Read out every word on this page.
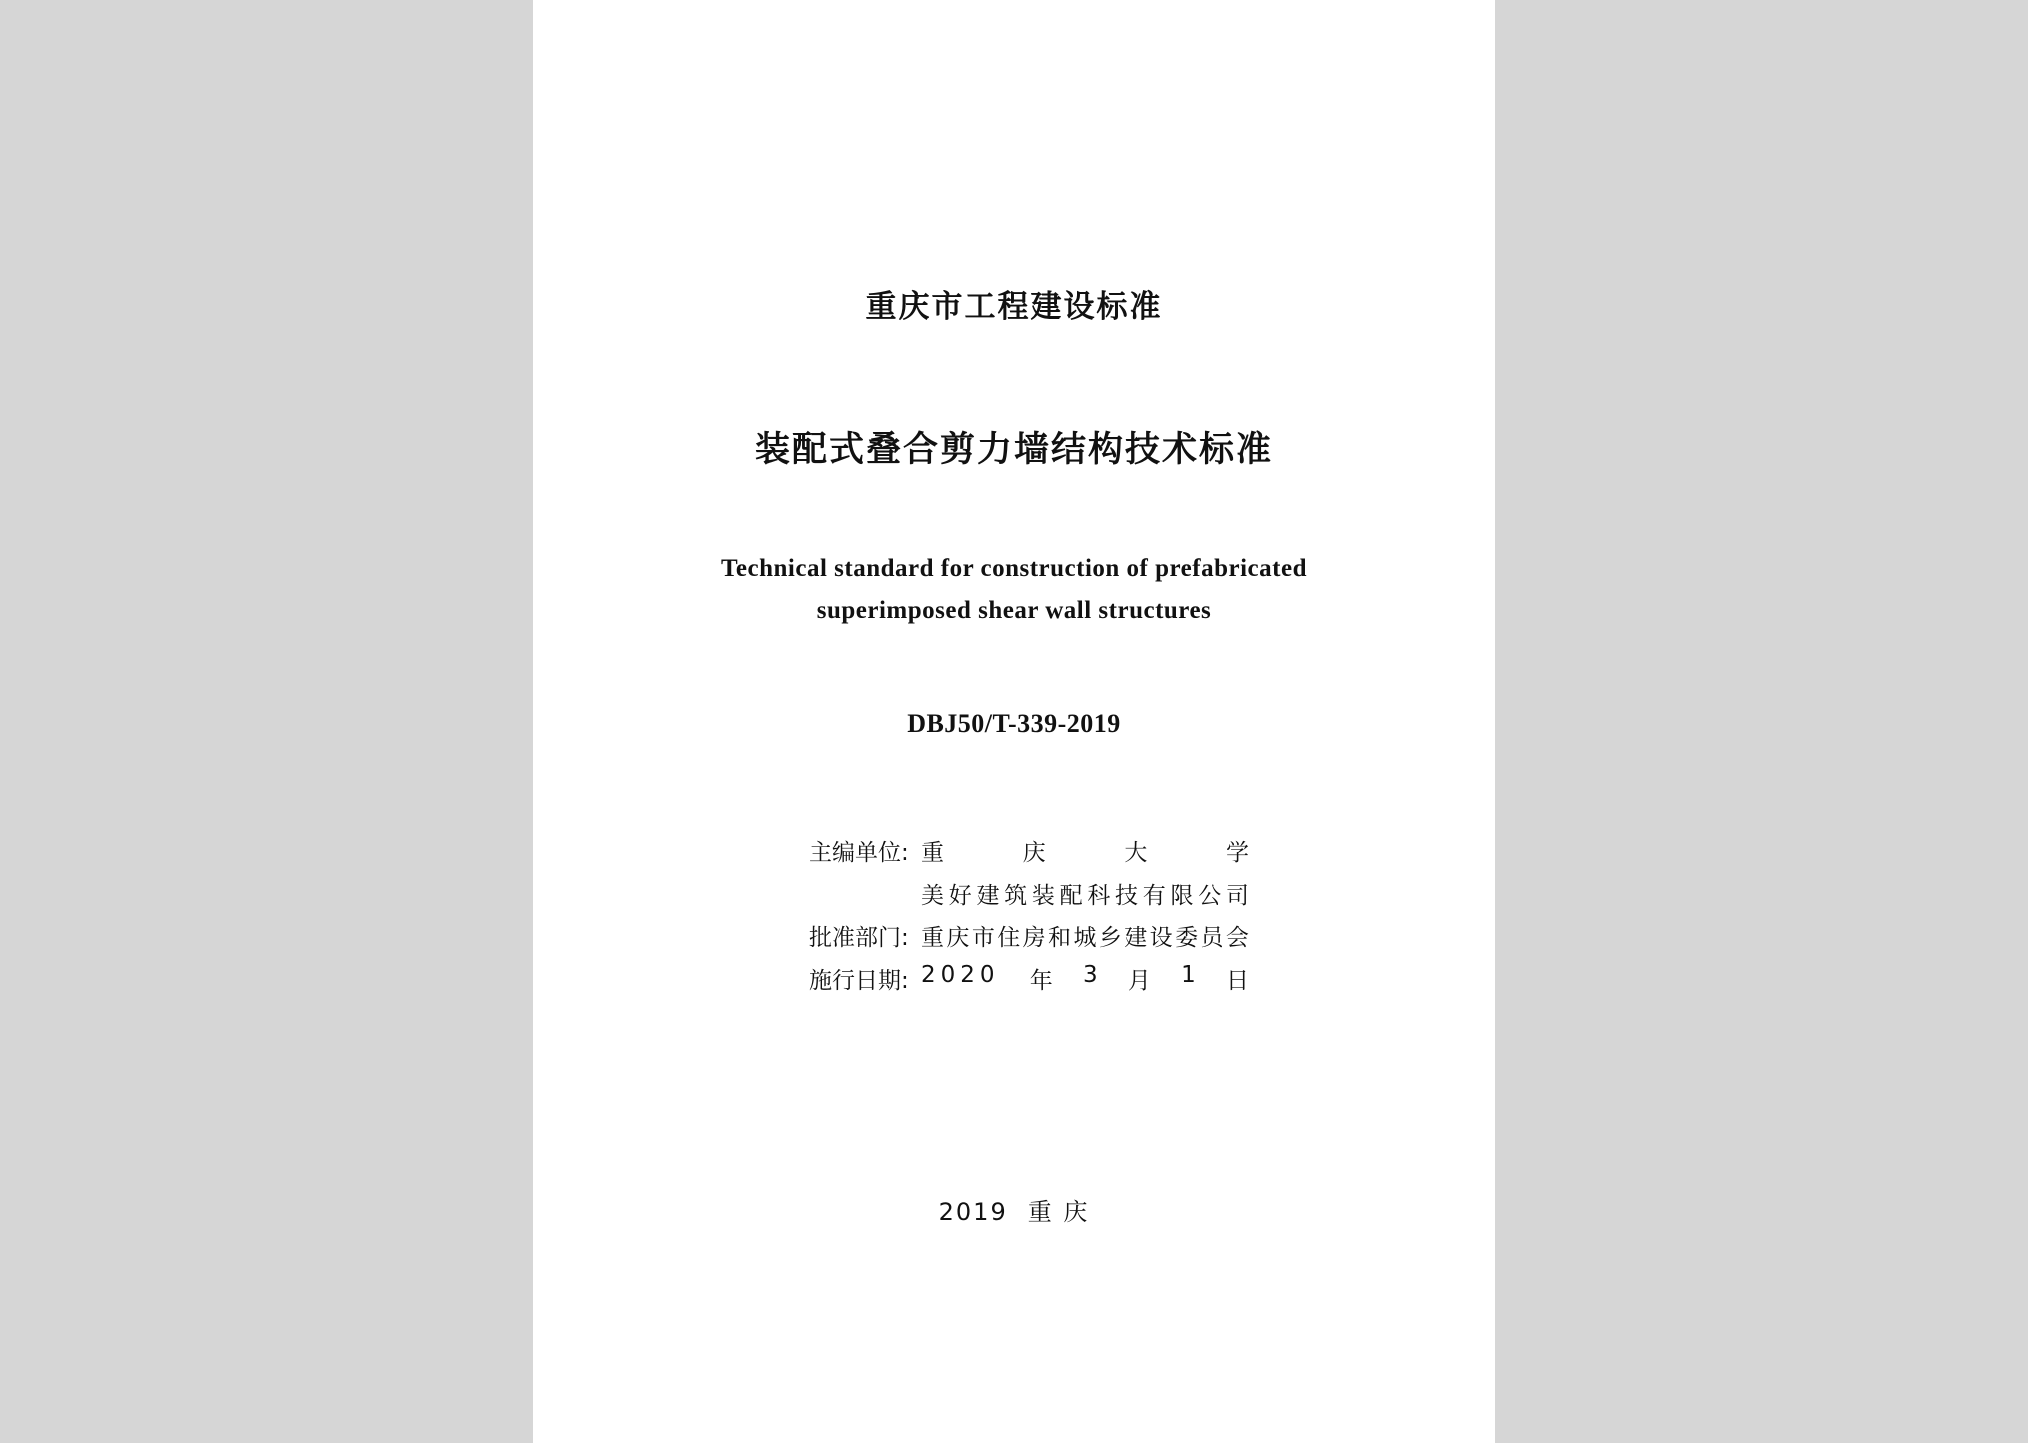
重庆市工程建设标准
装配式叠合剪力墙结构技术标准
Technical standard for construction of prefabricated
superimposed shear wall structures
DBJ50/T-339-2019
主编单位: 重	庆	大	学
美 好 建 筑 装 配 科 技 有 限 公 司
批准部门: 重 庆 市 住 房 和 城 乡 建 设 委 员 会
施行日期: 2020 年 3 月 1 日
2019 重 庆
